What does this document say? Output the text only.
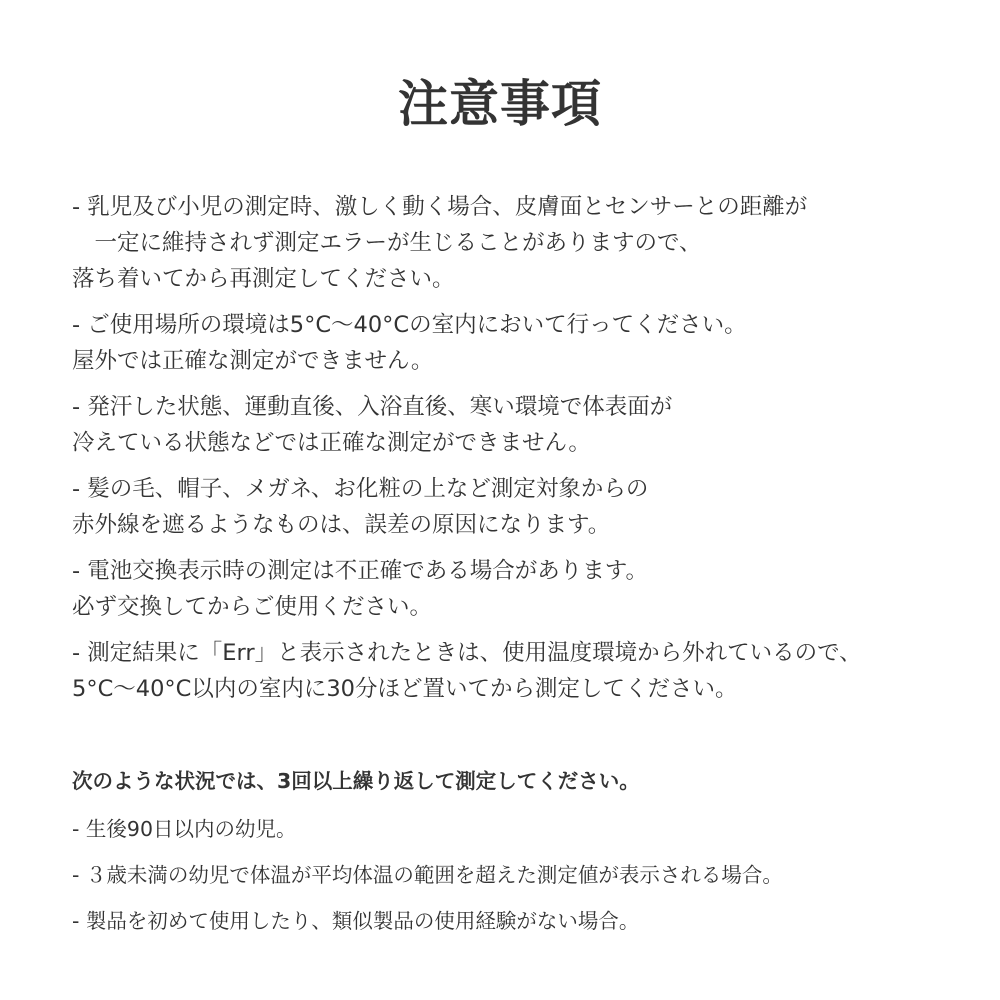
注意事項
- 乳児及び小児の測定時、激しく動く場合、皮膚面とセンサーとの距離が
　一定に維持されず測定エラーが生じることがありますので、
落ち着いてから再測定してください。
- ご使用場所の環境は5°C～40°Cの室内において行ってください。
屋外では正確な測定ができません。
- 発汗した状態、運動直後、入浴直後、寒い環境で体表面が
冷えている状態などでは正確な測定ができません。
- 髪の毛、帽子、メガネ、お化粧の上など測定対象からの
赤外線を遮るようなものは、誤差の原因になります。
- 電池交換表示時の測定は不正確である場合があります。
必ず交換してからご使用ください。
- 測定結果に「Err」と表示されたときは、使用温度環境から外れているので、
5°C～40°C以内の室内に30分ほど置いてから測定してください。
次のような状況では、3回以上繰り返して測定してください。
- 生後90日以内の幼児。
- ３歳未満の幼児で体温が平均体温の範囲を超えた測定値が表示される場合。
- 製品を初めて使用したり、類似製品の使用経験がない場合。
